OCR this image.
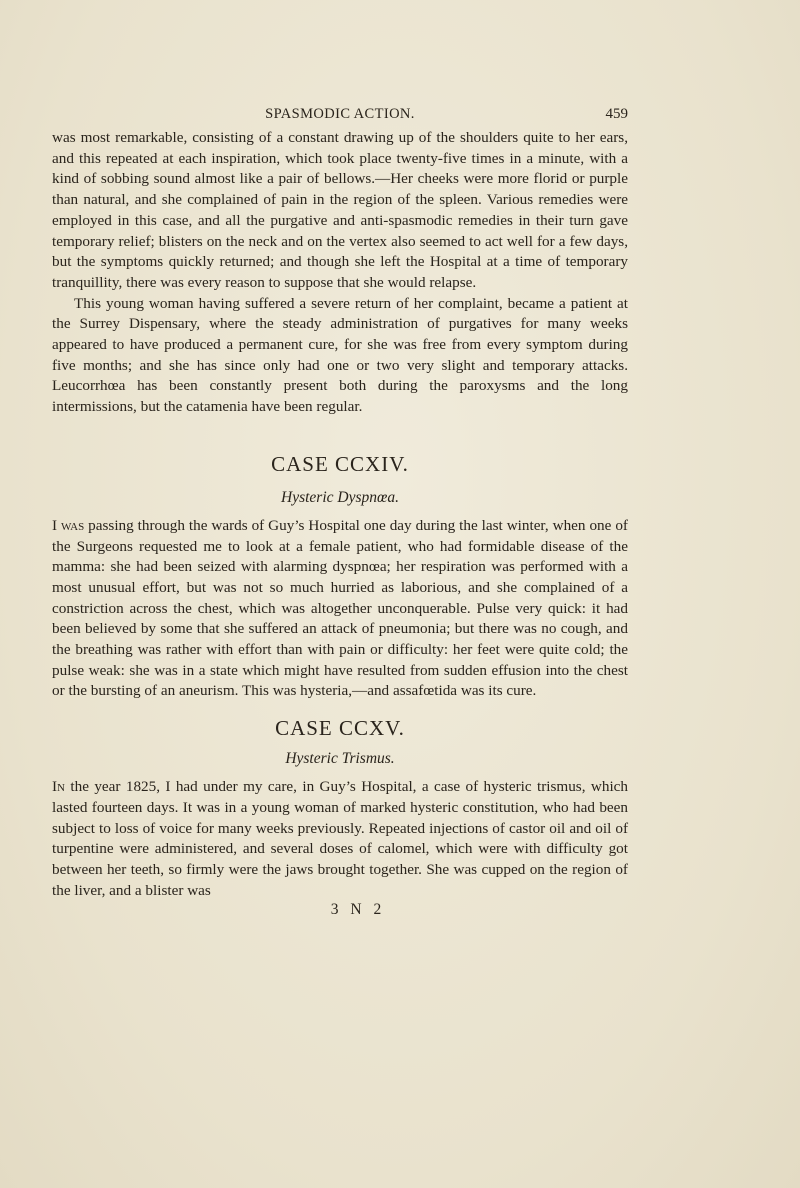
SPASMODIC ACTION.	459

was most remarkable, consisting of a constant drawing up of the shoulders quite to her ears, and this repeated at each inspiration, which took place twenty-five times in a minute, with a kind of sobbing sound almost like a pair of bellows.—Her cheeks were more florid or purple than natural, and she complained of pain in the region of the spleen. Various remedies were employed in this case, and all the purgative and anti-spasmodic remedies in their turn gave temporary relief; blisters on the neck and on the vertex also seemed to act well for a few days, but the symptoms quickly returned; and though she left the Hospital at a time of temporary tranquillity, there was every reason to suppose that she would relapse.

This young woman having suffered a severe return of her complaint, became a patient at the Surrey Dispensary, where the steady administration of purgatives for many weeks appeared to have produced a permanent cure, for she was free from every symptom during five months; and she has since only had one or two very slight and temporary attacks. Leucorrhœa has been constantly present both during the paroxysms and the long intermissions, but the catamenia have been regular.

CASE CCXIV.

Hysteric Dyspnœa.

I was passing through the wards of Guy’s Hospital one day during the last winter, when one of the Surgeons requested me to look at a female patient, who had formidable disease of the mamma: she had been seized with alarming dyspnœa; her respiration was performed with a most unusual effort, but was not so much hurried as laborious, and she complained of a constriction across the chest, which was altogether unconquerable. Pulse very quick: it had been believed by some that she suffered an attack of pneumonia; but there was no cough, and the breathing was rather with effort than with pain or difficulty: her feet were quite cold; the pulse weak: she was in a state which might have resulted from sudden effusion into the chest or the bursting of an aneurism. This was hysteria,—and assafœtida was its cure.

CASE CCXV.

Hysteric Trismus.

In the year 1825, I had under my care, in Guy’s Hospital, a case of hysteric trismus, which lasted fourteen days. It was in a young woman of marked hysteric constitution, who had been subject to loss of voice for many weeks previously. Repeated injections of castor oil and oil of turpentine were administered, and several doses of calomel, which were with difficulty got between her teeth, so firmly were the jaws brought together. She was cupped on the region of the liver, and a blister was

3 N 2
